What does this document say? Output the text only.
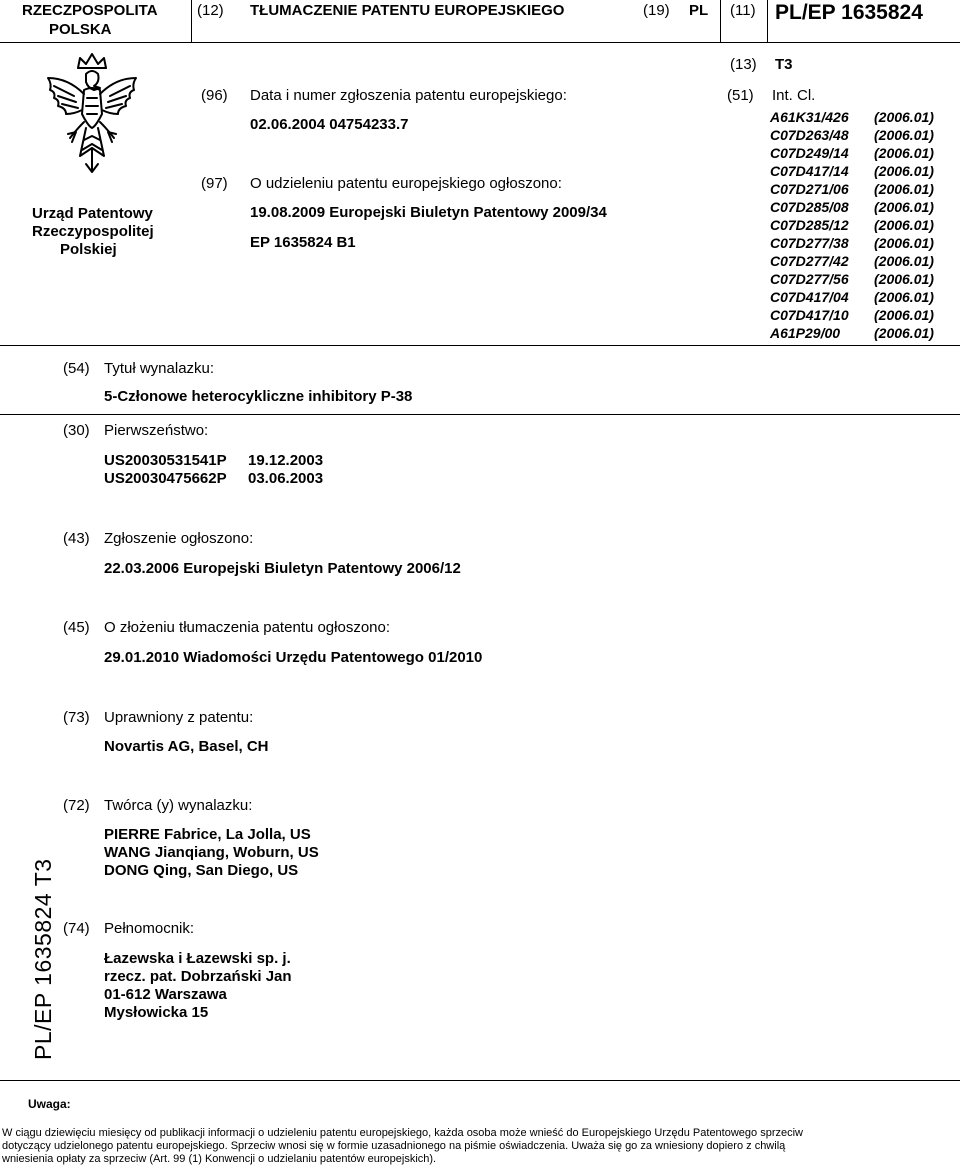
RZECZPOSPOLITA
POLSKA
(12) TŁUMACZENIE PATENTU EUROPEJSKIEGO	(19) PL (11) PL/EP 1635824
(13) T3
Urząd Patentowy
Rzeczypospolitej
Polskiej
(96) Data i numer zgłoszenia patentu europejskiego:
02.06.2004 04754233.7
(97) O udzieleniu patentu europejskiego ogłoszono:
19.08.2009 Europejski Biuletyn Patentowy 2009/34
EP 1635824 B1
(51) Int. Cl.
A61K31/426 (2006.01)
C07D263/48 (2006.01)
C07D249/14 (2006.01)
C07D417/14 (2006.01)
C07D271/06 (2006.01)
C07D285/08 (2006.01)
C07D285/12 (2006.01)
C07D277/38 (2006.01)
C07D277/42 (2006.01)
C07D277/56 (2006.01)
C07D417/04 (2006.01)
C07D417/10 (2006.01)
A61P29/00 (2006.01)
(54) Tytuł wynalazku:
5-Członowe heterocykliczne inhibitory P-38
(30) Pierwszeństwo:
US20030531541P 19.12.2003
US20030475662P 03.06.2003
(43) Zgłoszenie ogłoszono:
22.03.2006 Europejski Biuletyn Patentowy 2006/12
(45) O złożeniu tłumaczenia patentu ogłoszono:
29.01.2010 Wiadomości Urzędu Patentowego 01/2010
(73) Uprawniony z patentu:
Novartis AG, Basel, CH
(72) Twórca (y) wynalazku:
PIERRE Fabrice, La Jolla, US
WANG Jianqiang, Woburn, US
DONG Qing, San Diego, US
(74) Pełnomocnik:
Łazewska i Łazewski sp. j.
rzecz. pat. Dobrzański Jan
01-612 Warszawa
Mysłowicka 15
PL/EP 1635824 T3
Uwaga:
W ciągu dziewięciu miesięcy od publikacji informacji o udzieleniu patentu europejskiego, każda osoba może wnieść do Europejskiego Urzędu Patentowego sprzeciw
dotyczący udzielonego patentu europejskiego. Sprzeciw wnosi się w formie uzasadnionego na piśmie oświadczenia. Uważa się go za wniesiony dopiero z chwilą
wniesienia opłaty za sprzeciw (Art. 99 (1) Konwencji o udzielaniu patentów europejskich).
